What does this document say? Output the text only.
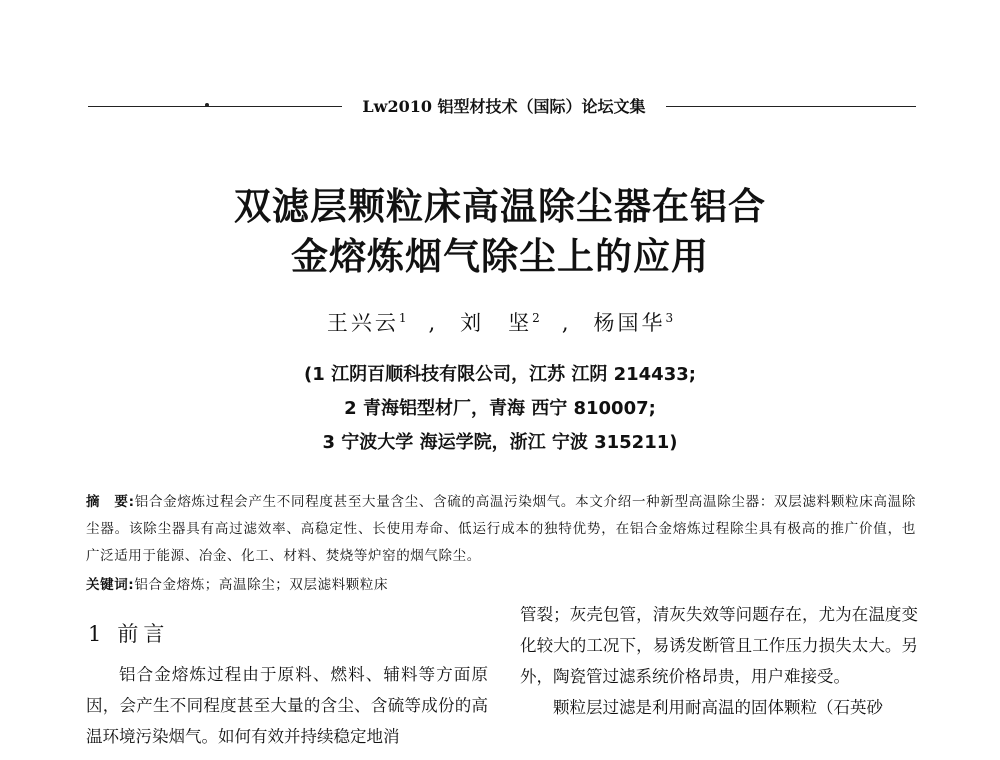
Lw2010 铝型材技术（国际）论坛文集
双滤层颗粒床高温除尘器在铝合
金熔炼烟气除尘上的应用
王兴云$^1$ , 刘　坚$^2$ , 杨国华$^3$
(1 江阴百顺科技有限公司，江苏 江阴 214433;
2 青海铝型材厂，青海 西宁 810007;
3 宁波大学 海运学院，浙江 宁波 315211)
摘　要:铝合金熔炼过程会产生不同程度甚至大量含尘、含硫的高温污染烟气。本文介绍一种新型高温除尘器：双层滤料颗粒床高温除尘器。该除尘器具有高过滤效率、高稳定性、长使用寿命、低运行成本的独特优势，在铝合金熔炼过程除尘具有极高的推广价值，也广泛适用于能源、冶金、化工、材料、焚烧等炉窑的烟气除尘。
关键词:铝合金熔炼；高温除尘；双层滤料颗粒床
1 前言

铝合金熔炼过程由于原料、燃料、辅料等方面原因，会产生不同程度甚至大量的含尘、含硫等成份的高温环境污染烟气。如何有效并持续稳定地消

管裂；灰壳包管，清灰失效等问题存在，尤为在温度变化较大的工况下，易诱发断管且工作压力损失太大。另外，陶瓷管过滤系统价格昂贵，用户难接受。

颗粒层过滤是利用耐高温的固体颗粒（石英砂
